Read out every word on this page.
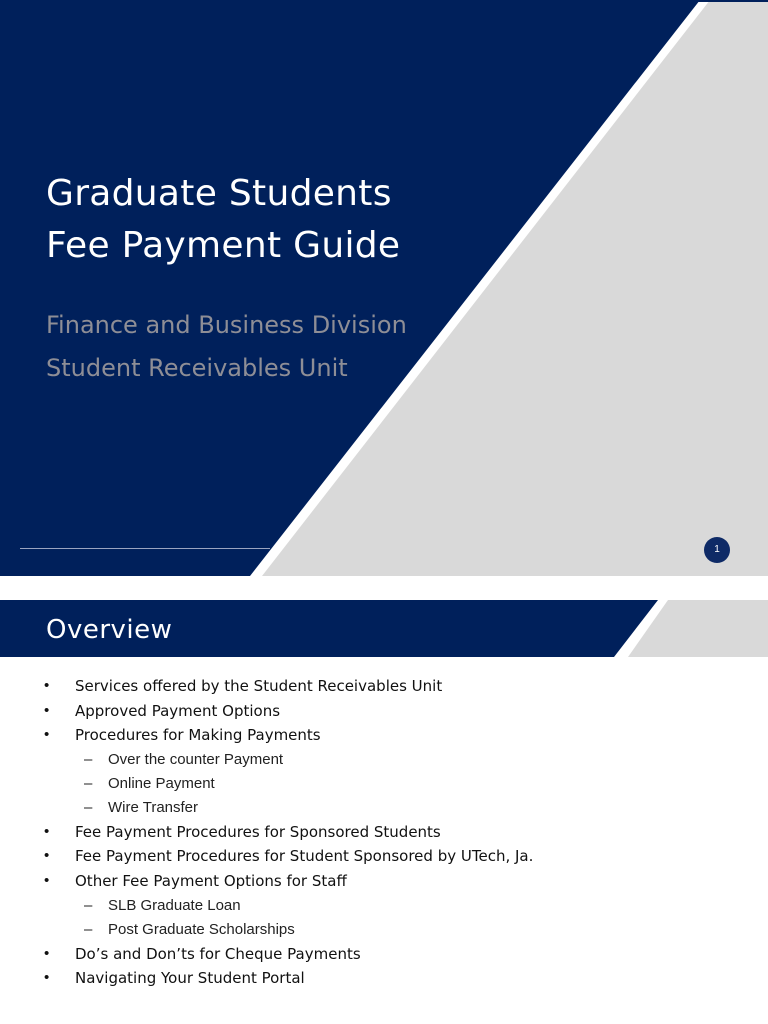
Graduate Students
Fee Payment Guide
Finance and Business Division
Student Receivables Unit
1
Overview
• Services offered by the Student Receivables Unit
• Approved Payment Options
• Procedures for Making Payments
– Over the counter Payment
– Online Payment
– Wire Transfer
• Fee Payment Procedures for Sponsored Students
• Fee Payment Procedures for Student Sponsored by UTech, Ja.
• Other Fee Payment Options for Staff
– SLB Graduate Loan
– Post Graduate Scholarships
• Do’s and Don’ts for Cheque Payments
• Navigating Your Student Portal
